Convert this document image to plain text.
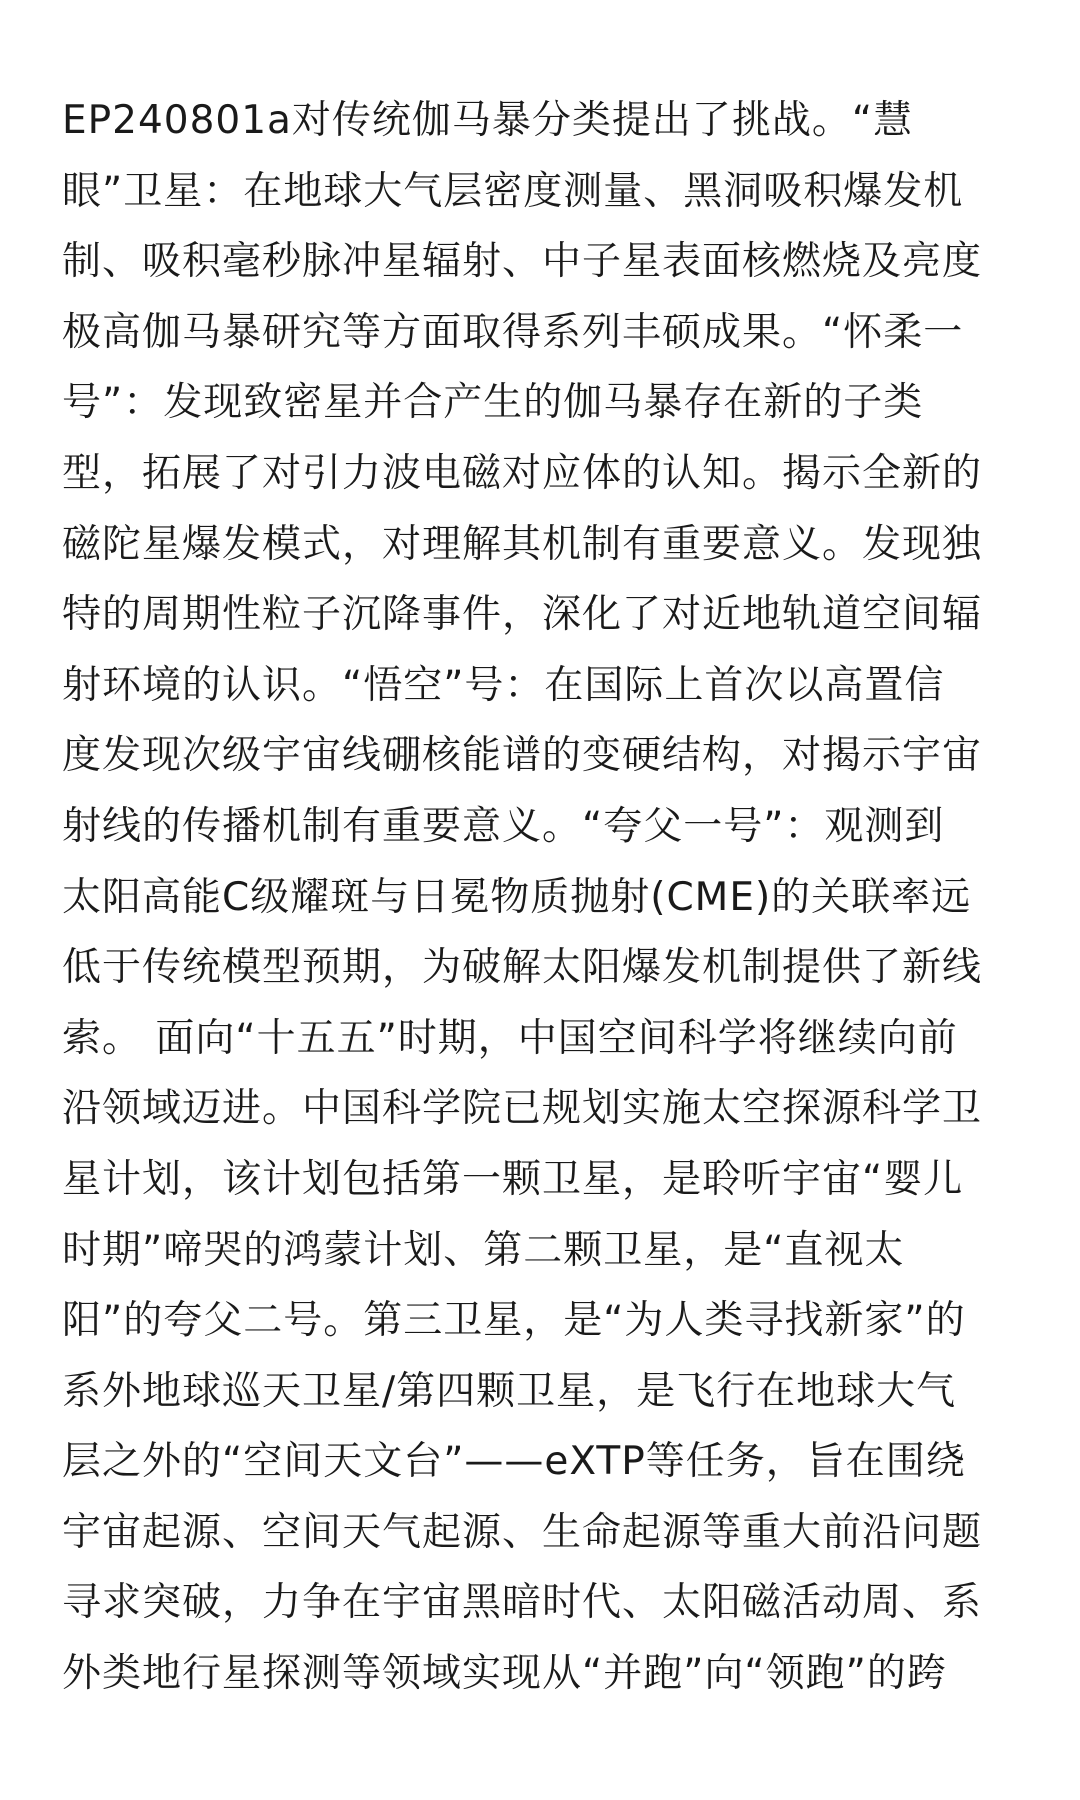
EP240801a对传统伽马暴分类提出了挑战。“慧
眼”卫星：在地球大气层密度测量、黑洞吸积爆发机
制、吸积毫秒脉冲星辐射、中子星表面核燃烧及亮度
极高伽马暴研究等方面取得系列丰硕成果。“怀柔一
号”：发现致密星并合产生的伽马暴存在新的子类
型，拓展了对引力波电磁对应体的认知。揭示全新的
磁陀星爆发模式，对理解其机制有重要意义。发现独
特的周期性粒子沉降事件，深化了对近地轨道空间辐
射环境的认识。“悟空”号：在国际上首次以高置信
度发现次级宇宙线硼核能谱的变硬结构，对揭示宇宙
射线的传播机制有重要意义。“夸父一号”：观测到
太阳高能C级耀斑与日冕物质抛射(CME)的关联率远
低于传统模型预期，为破解太阳爆发机制提供了新线
索。 面向“十五五”时期，中国空间科学将继续向前
沿领域迈进。中国科学院已规划实施太空探源科学卫
星计划，该计划包括第一颗卫星，是聆听宇宙“婴儿
时期”啼哭的鸿蒙计划、第二颗卫星，是“直视太
阳”的夸父二号。第三卫星，是“为人类寻找新家”的
系外地球巡天卫星/第四颗卫星，是飞行在地球大气
层之外的“空间天文台”——eXTP等任务，旨在围绕
宇宙起源、空间天气起源、生命起源等重大前沿问题
寻求突破，力争在宇宙黑暗时代、太阳磁活动周、系
外类地行星探测等领域实现从“并跑”向“领跑”的跨
